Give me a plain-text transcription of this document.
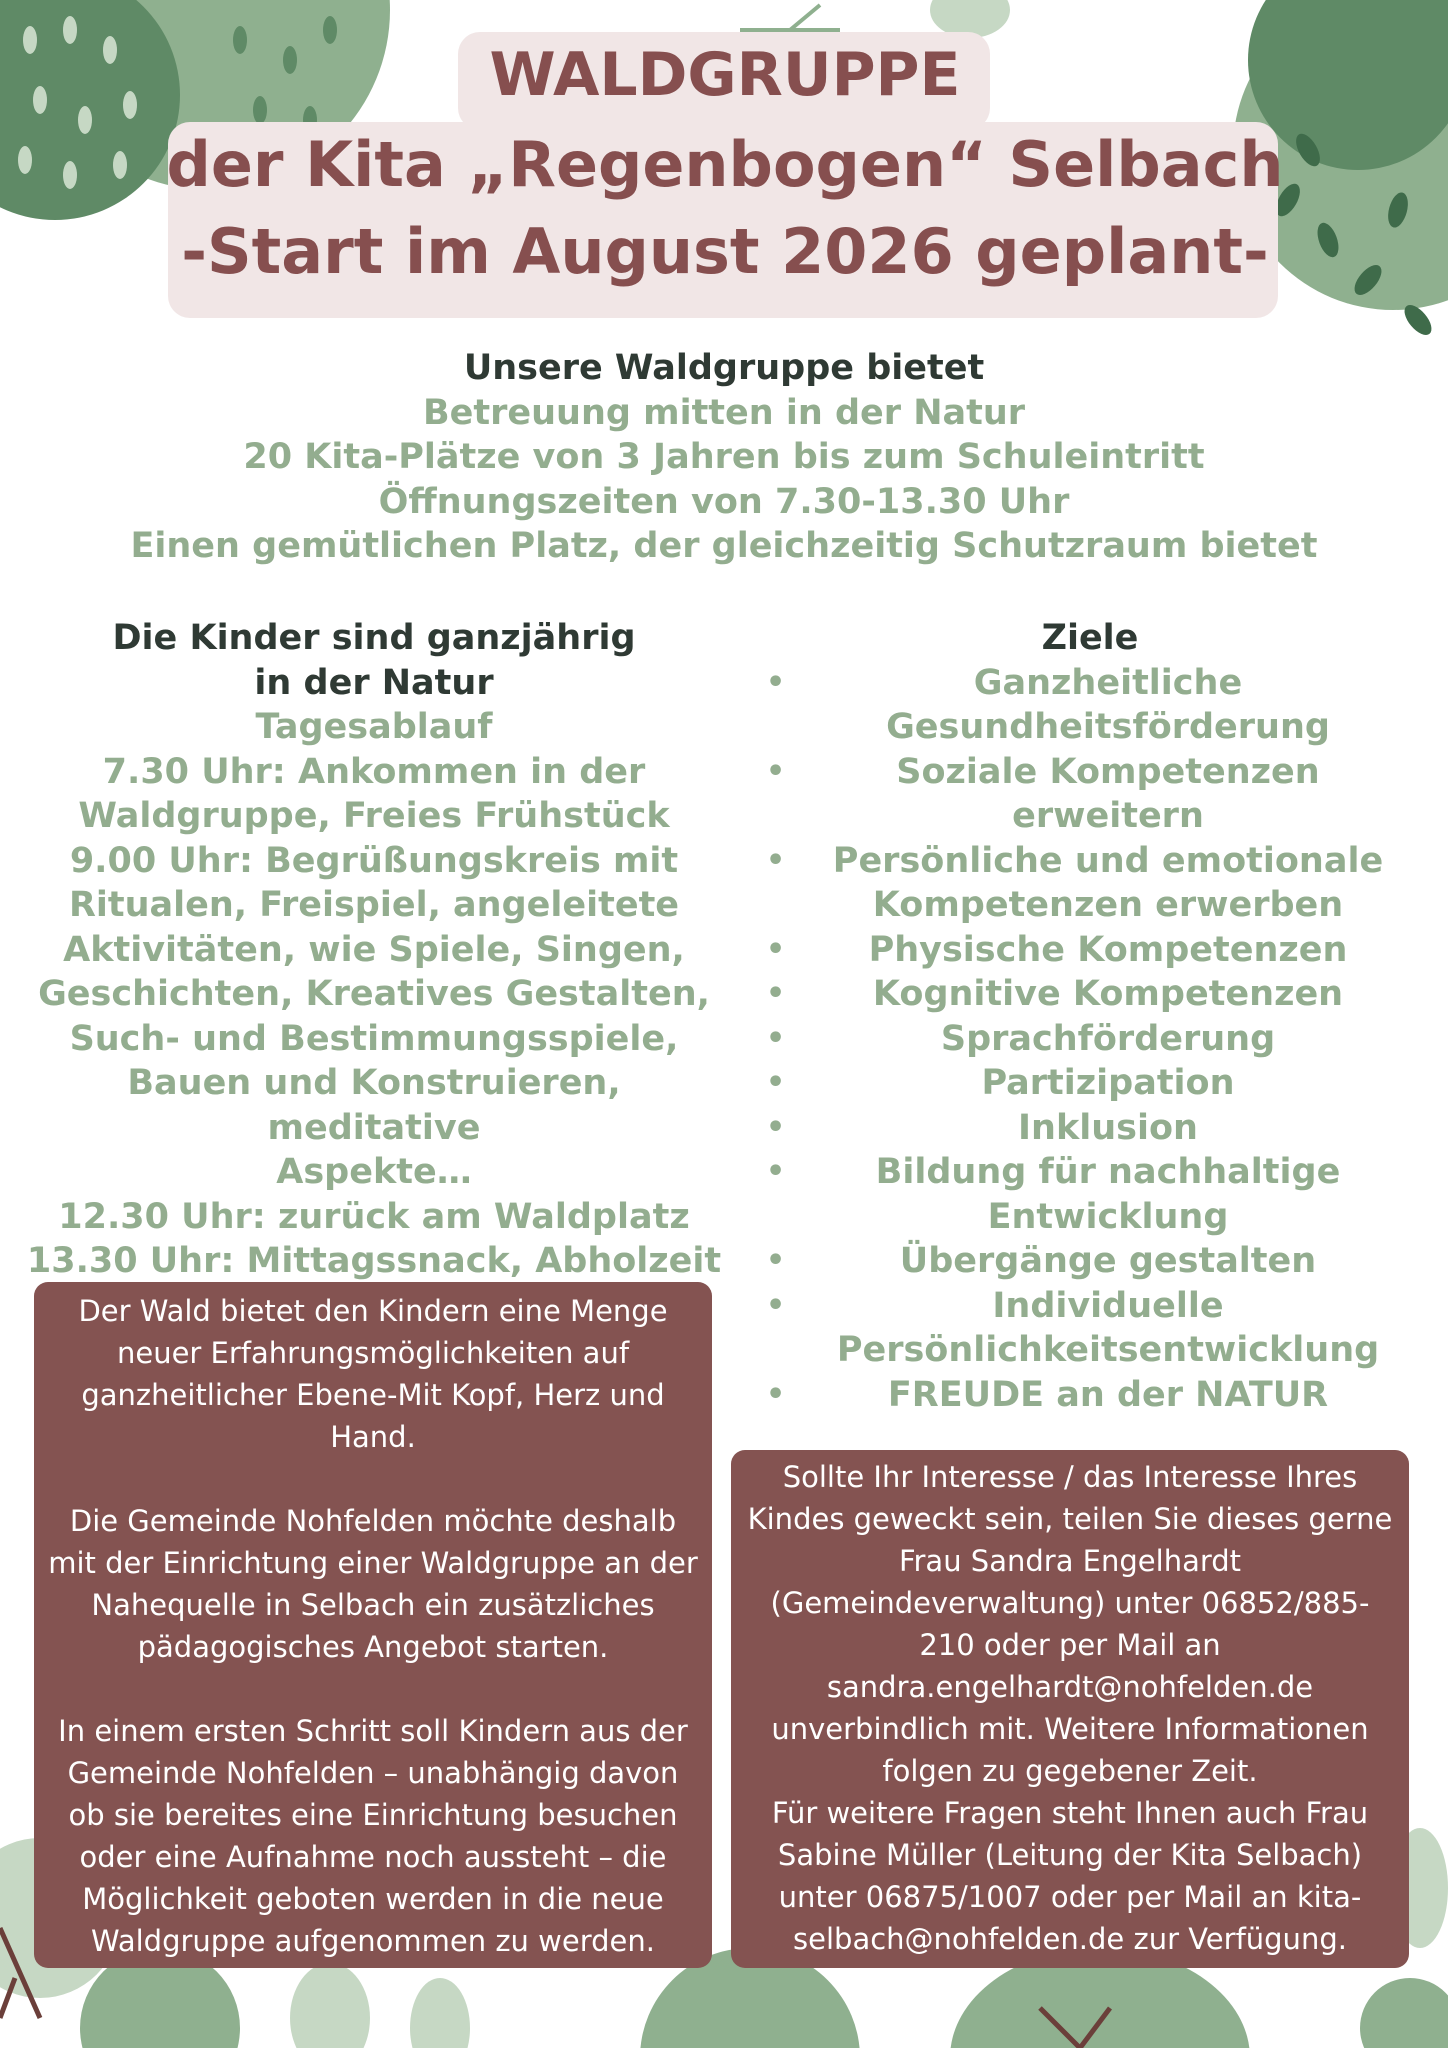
WALDGRUPPE
der Kita „Regenbogen“ Selbach
-Start im August 2026 geplant-
Unsere Waldgruppe bietet
Betreuung mitten in der Natur
20 Kita-Plätze von 3 Jahren bis zum Schuleintritt
Öffnungszeiten von 7.30-13.30 Uhr
Einen gemütlichen Platz, der gleichzeitig Schutzraum bietet
Die Kinder sind ganzjährig
in der Natur
Tagesablauf
7.30 Uhr: Ankommen in der
Waldgruppe, Freies Frühstück
9.00 Uhr: Begrüßungskreis mit
Ritualen, Freispiel, angeleitete
Aktivitäten, wie Spiele, Singen,
Geschichten, Kreatives Gestalten,
Such- und Bestimmungsspiele,
Bauen und Konstruieren, meditative
Aspekte…
12.30 Uhr: zurück am Waldplatz
13.30 Uhr: Mittagssnack, Abholzeit
Ziele
•	Ganzheitliche
Gesundheitsförderung
•	Soziale Kompetenzen erweitern
• Persönliche und emotionale
Kompetenzen erwerben
• Physische Kompetenzen
•	Kognitive Kompetenzen
•	Sprachförderung
•	Partizipation
•	Inklusion
•	Bildung für nachhaltige
Entwicklung
•	Übergänge gestalten
•	Individuelle
Persönlichkeitsentwicklung
•	FREUDE an der NATUR

Der Wald bietet den Kindern eine Menge
neuer Erfahrungsmöglichkeiten auf
ganzheitlicher Ebene-Mit Kopf, Herz und
Hand.

Die Gemeinde Nohfelden möchte deshalb
mit der Einrichtung einer Waldgruppe an der
Nahequelle in Selbach ein zusätzliches
pädagogisches Angebot starten.

In einem ersten Schritt soll Kindern aus der
Gemeinde Nohfelden – unabhängig davon
ob sie bereites eine Einrichtung besuchen
oder eine Aufnahme noch aussteht – die
Möglichkeit geboten werden in die neue
Waldgruppe aufgenommen zu werden.

Sollte Ihr Interesse / das Interesse Ihres
Kindes geweckt sein, teilen Sie dieses gerne
Frau Sandra Engelhardt
(Gemeindeverwaltung) unter 06852/885-
210 oder per Mail an
sandra.engelhardt@nohfelden.de
unverbindlich mit. Weitere Informationen
folgen zu gegebener Zeit.
Für weitere Fragen steht Ihnen auch Frau
Sabine Müller (Leitung der Kita Selbach)
unter 06875/1007 oder per Mail an kita-
selbach@nohfelden.de zur Verfügung.
